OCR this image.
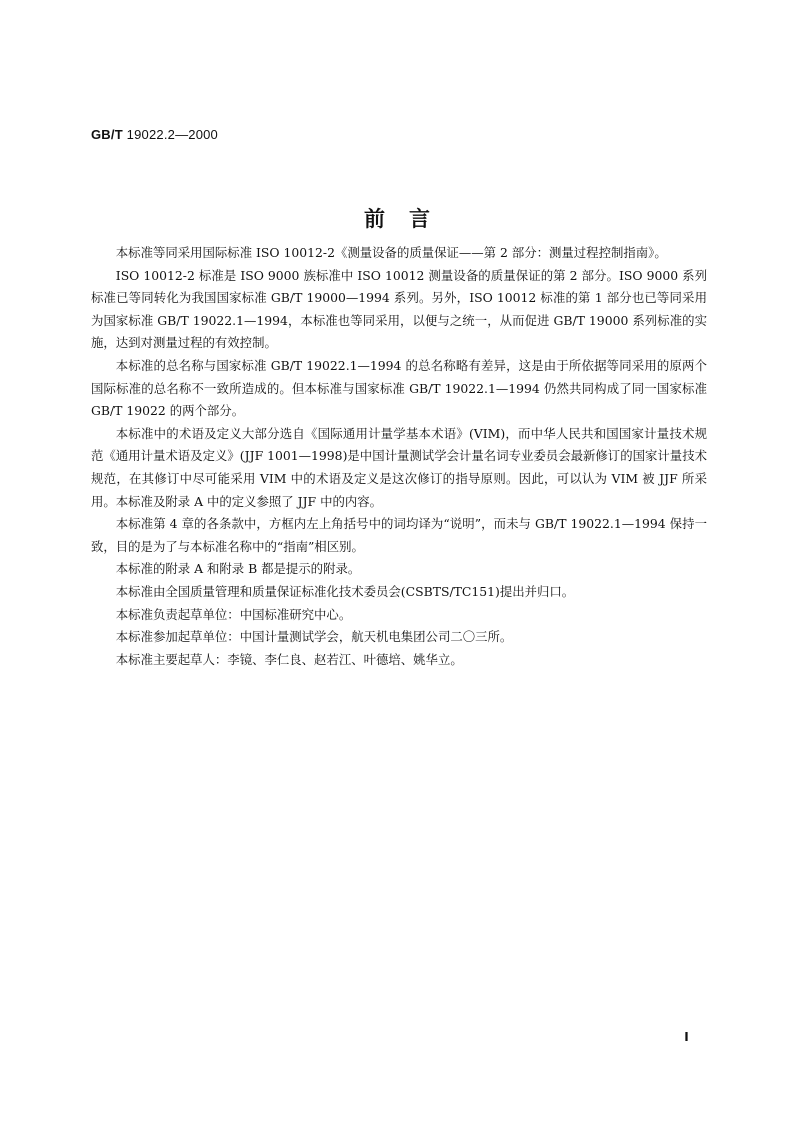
GB/T 19022.2—2000
前言

本标准等同采用国际标准 ISO 10012-2《测量设备的质量保证——第 2 部分：测量过程控制指南》。

ISO 10012-2 标准是 ISO 9000 族标准中 ISO 10012 测量设备的质量保证的第 2 部分。ISO 9000 系列标准已等同转化为我国国家标准 GB/T 19000—1994 系列。另外，ISO 10012 标准的第 1 部分也已等同采用为国家标准 GB/T 19022.1—1994，本标准也等同采用，以便与之统一，从而促进 GB/T 19000 系列标准的实施，达到对测量过程的有效控制。

本标准的总名称与国家标准 GB/T 19022.1—1994 的总名称略有差异，这是由于所依据等同采用的原两个国际标准的总名称不一致所造成的。但本标准与国家标准 GB/T 19022.1—1994 仍然共同构成了同一国家标准 GB/T 19022 的两个部分。

本标准中的术语及定义大部分选自《国际通用计量学基本术语》(VIM)，而中华人民共和国国家计量技术规范《通用计量术语及定义》(JJF 1001—1998)是中国计量测试学会计量名词专业委员会最新修订的国家计量技术规范，在其修订中尽可能采用 VIM 中的术语及定义是这次修订的指导原则。因此，可以认为 VIM 被 JJF 所采用。本标准及附录 A 中的定义参照了 JJF 中的内容。

本标准第 4 章的各条款中，方框内左上角括号中的词均译为“说明”，而未与 GB/T 19022.1—1994 保持一致，目的是为了与本标准名称中的“指南”相区别。

本标准的附录 A 和附录 B 都是提示的附录。

本标准由全国质量管理和质量保证标准化技术委员会(CSBTS/TC151)提出并归口。

本标准负责起草单位：中国标准研究中心。

本标准参加起草单位：中国计量测试学会，航天机电集团公司二〇三所。

本标准主要起草人：李镜、李仁良、赵若江、叶德培、姚华立。

I
